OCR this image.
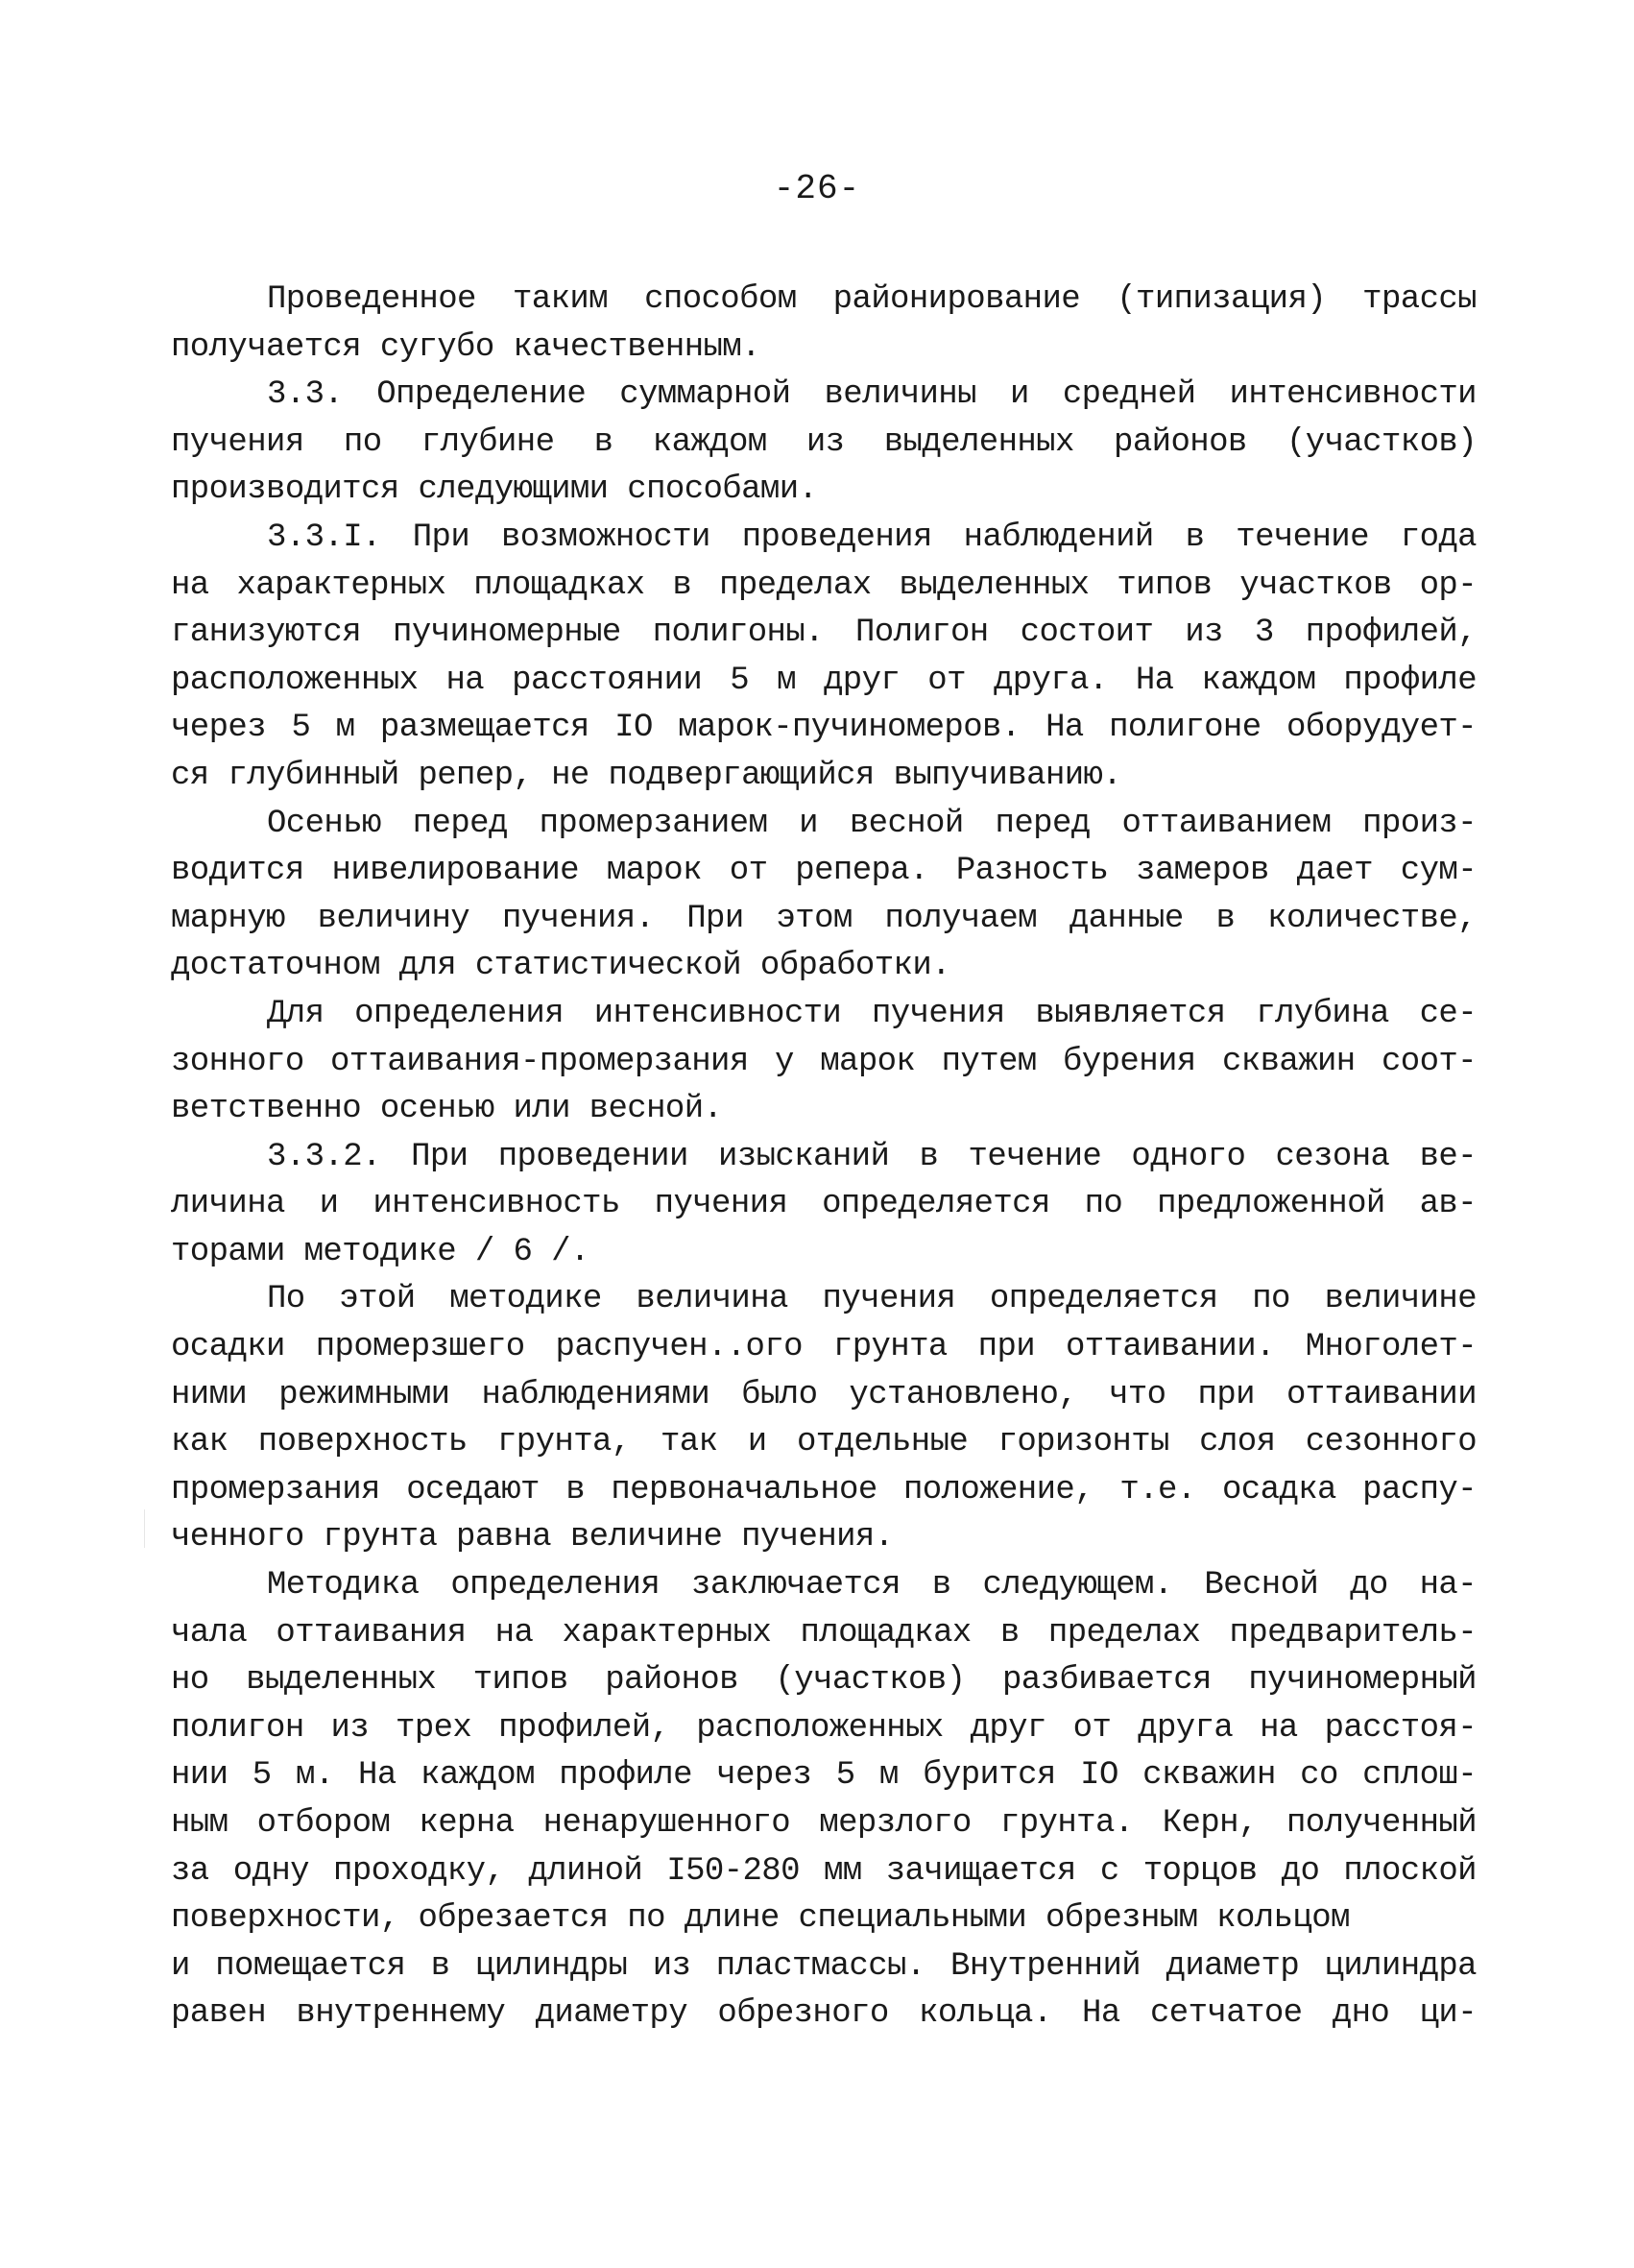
-26-
Проведенное таким способом районирование (типизация) трассы
получается сугубо качественным.
3.3. Определение суммарной величины и средней интенсивности
пучения по глубине в каждом из выделенных районов (участков)
производится следующими способами.
3.3.I. При возможности проведения наблюдений в течение года
на характерных площадках в пределах выделенных типов участков ор-
ганизуются пучиномерные полигоны. Полигон состоит из 3 профилей,
расположенных на расстоянии 5 м друг от друга. На каждом профиле
через 5 м размещается IO марок-пучиномеров. На полигоне оборудует-
ся глубинный репер, не подвергающийся выпучиванию.
Осенью перед промерзанием и весной перед оттаиванием произ-
водится нивелирование марок от репера. Разность замеров дает сум-
марную величину пучения. При этом получаем данные в количестве,
достаточном для статистической обработки.
Для определения интенсивности пучения выявляется глубина се-
зонного оттаивания-промерзания у марок путем бурения скважин соот-
ветственно осенью или весной.
3.3.2. При проведении изысканий в течение одного сезона ве-
личина и интенсивность пучения определяется по предложенной ав-
торами методике / 6 /.
По этой методике величина пучения определяется по величине
осадки промерзшего распучен..ого грунта при оттаивании. Многолет-
ними режимными наблюдениями было установлено, что при оттаивании
как поверхность грунта, так и отдельные горизонты слоя сезонного
промерзания оседают в первоначальное положение, т.е. осадка распу-
ченного грунта равна величине пучения.
Методика определения заключается в следующем. Весной до на-
чала оттаивания на характерных площадках в пределах предваритель-
но выделенных типов районов (участков) разбивается пучиномерный
полигон из трех профилей, расположенных друг от друга на расстоя-
нии 5 м. На каждом профиле через 5 м бурится IO скважин со сплош-
ным отбором керна ненарушенного мерзлого грунта. Керн, полученный
за одну проходку, длиной I50-280 мм зачищается с торцов до плоской
поверхности, обрезается по длине специальными обрезным кольцом
и помещается в цилиндры из пластмассы. Внутренний диаметр цилиндра
равен внутреннему диаметру обрезного кольца. На сетчатое дно ци-
